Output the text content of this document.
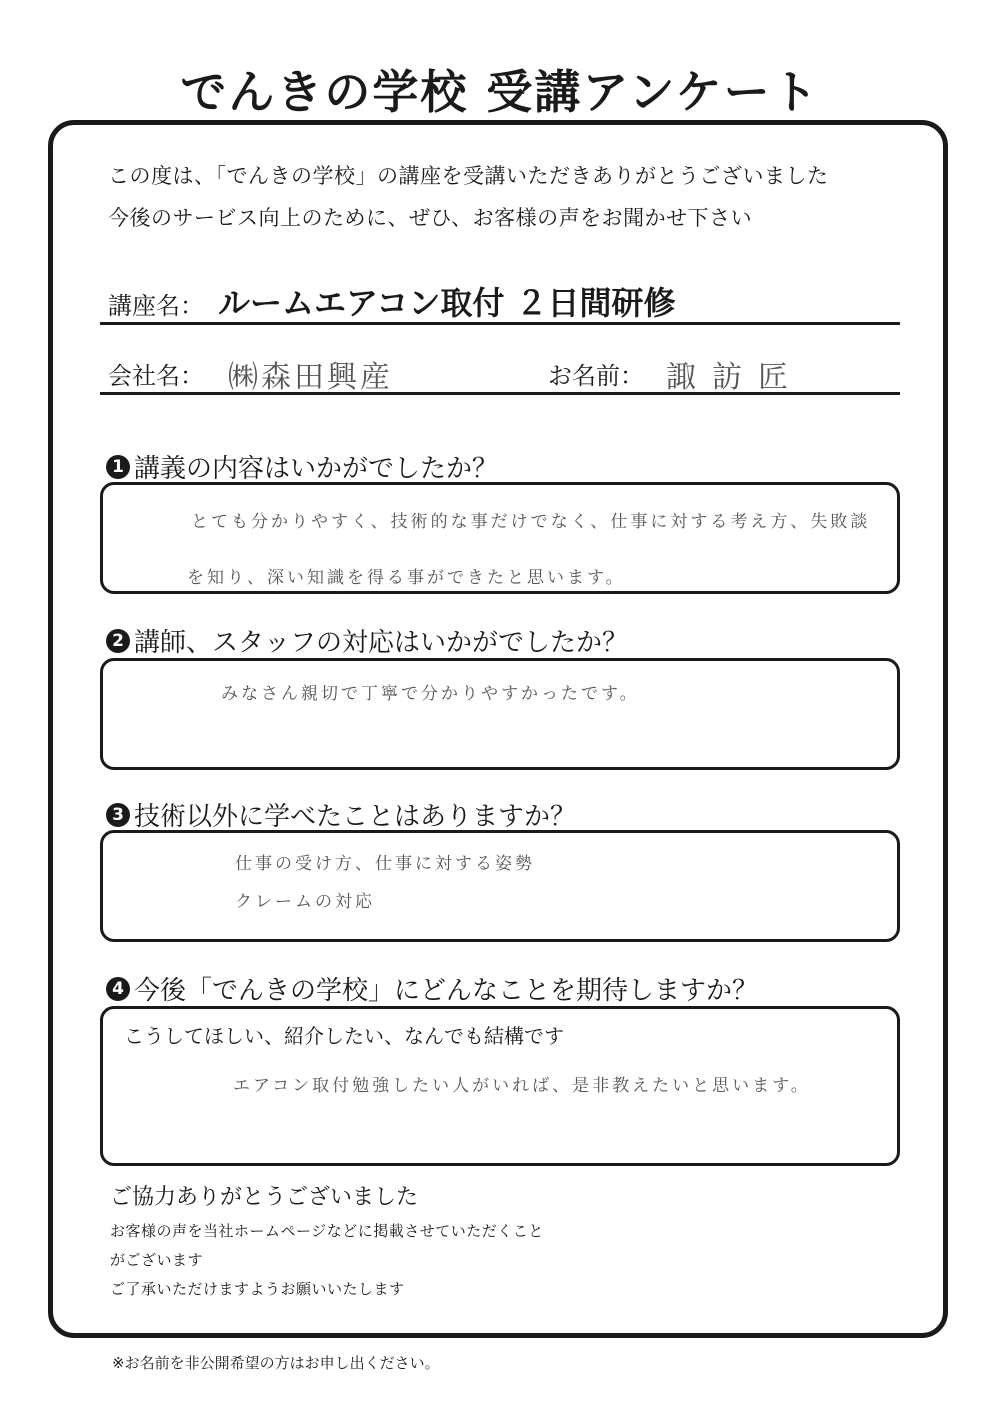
でんきの学校 受講アンケート
この度は、「でんきの学校」の講座を受講いただきありがとうございました
今後のサービス向上のために、ぜひ、お客様の声をお聞かせ下さい
講座名： ルームエアコン取付 ２日間研修
会社名： ㈱森田興産	お名前： 諏訪匠
1 講義の内容はいかがでしたか？
とても分かりやすく、技術的な事だけでなく、仕事に対する考え方、失敗談
を知り、深い知識を得る事ができたと思います。
2 講師、スタッフの対応はいかがでしたか？
みなさん親切で丁寧で分かりやすかったです。
3 技術以外に学べたことはありますか？
仕事の受け方、仕事に対する姿勢
クレームの対応
4 今後「でんきの学校」にどんなことを期待しますか？
エアコン取付勉強したい人がいれば、是非教えたいと思います。
こうしてほしい、紹介したい、なんでも結構です
ご協力ありがとうございました
お客様の声を当社ホームページなどに掲載させていただくこと
がございます
ご了承いただけますようお願いいたします
※お名前を非公開希望の方はお申し出ください。
